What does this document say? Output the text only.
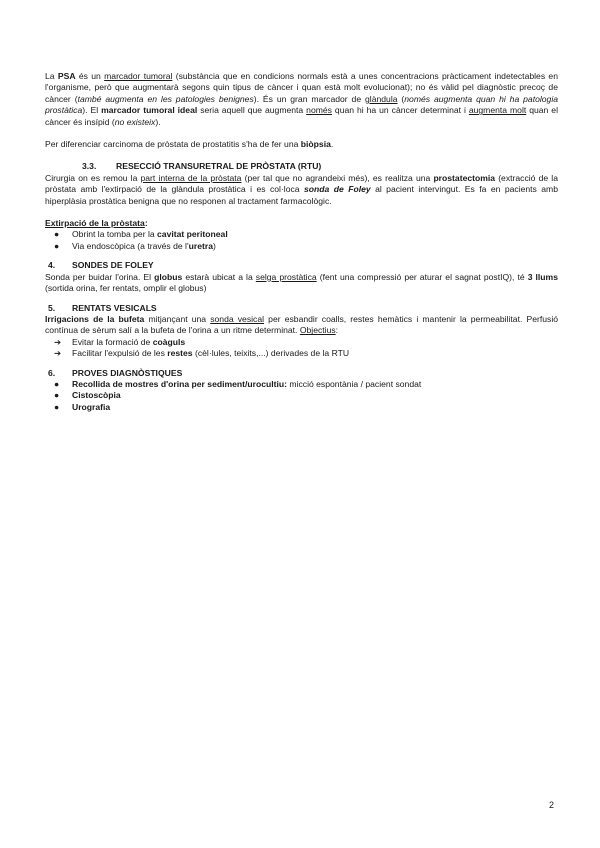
La PSA és un marcador tumoral (substància que en condicions normals està a unes concentracions pràcticament indetectables en l'organisme, però que augmentarà segons quin tipus de càncer i quan està molt evolucionat); no és vàlid pel diagnòstic precoç de càncer (també augmenta en les patologies benignes). És un gran marcador de glàndula (només augmenta quan hi ha patologia prostàtica). El marcador tumoral ideal seria aquell que augmenta només quan hi ha un càncer determinat i augmenta molt quan el càncer és insípid (no existeix).

Per diferenciar carcinoma de pròstata de prostatitis s'ha de fer una biòpsia.

3.3. RESECCIÓ TRANSURETRAL DE PRÒSTATA (RTU)

Cirurgia on es remou la part interna de la pròstata (per tal que no agrandeixi més), es realitza una prostatectomia (extracció de la pròstata amb l'extirpació de la glàndula prostàtica i es col·loca sonda de Foley al pacient intervingut. Es fa en pacients amb hiperplàsia prostàtica benigna que no responen al tractament farmacològic.

Extirpació de la pròstata:

● Obrint la tomba per la cavitat peritoneal
● Via endoscòpica (a través de l'uretra)

4. SONDES DE FOLEY

Sonda per buidar l'orina. El globus estarà ubicat a la selga prostàtica (fent una compressió per aturar el sagnat postIQ), té 3 llums (sortida orina, fer rentats, omplir el globus)

5. RENTATS VESICALS

Irrigacions de la bufeta mitjançant una sonda vesical per esbandir coalls, restes hemàtics i mantenir la permeabilitat. Perfusió contínua de sèrum salí a la bufeta de l'orina a un ritme determinat. Objectius:

➔ Evitar la formació de coàguls
➔ Facilitar l'expulsió de les restes (cèl·lules, teixits,...) derivades de la RTU

6. PROVES DIAGNÒSTIQUES

● Recollida de mostres d'orina per sediment/urocultiu: micció espontània / pacient sondat
● Cistoscòpia
● Urografia
2
